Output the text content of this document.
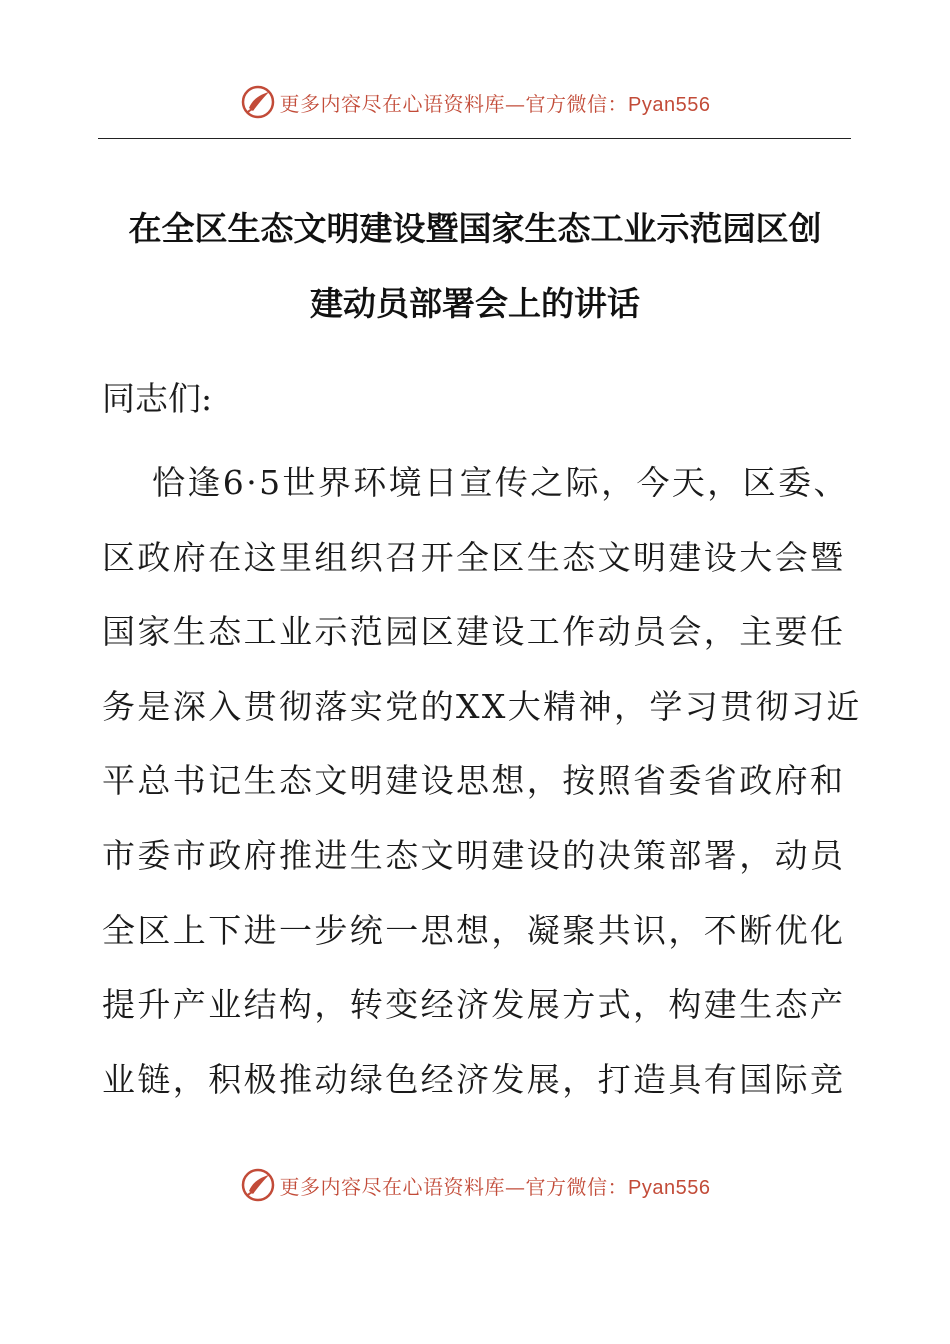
更多内容尽在心语资料库—官方微信：Pyan556
在全区生态文明建设暨国家生态工业示范园区创
建动员部署会上的讲话
同志们:
恰逢6·5世界环境日宣传之际，今天，区委、
区政府在这里组织召开全区生态文明建设大会暨
国家生态工业示范园区建设工作动员会，主要任
务是深入贯彻落实党的XX大精神，学习贯彻习近
平总书记生态文明建设思想，按照省委省政府和
市委市政府推进生态文明建设的决策部署，动员
全区上下进一步统一思想，凝聚共识，不断优化
提升产业结构，转变经济发展方式，构建生态产
业链，积极推动绿色经济发展，打造具有国际竞
更多内容尽在心语资料库—官方微信：Pyan556
